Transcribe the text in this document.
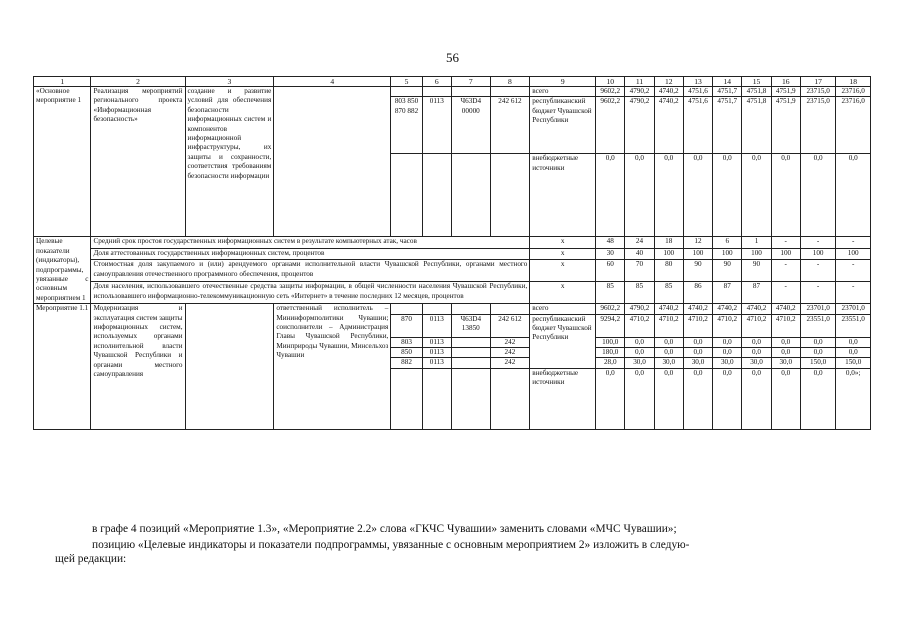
56
1	2	3	4	5	6	7	8	9	10	11	12	13	14	15	16	17	18
«Основное мероприятие 1	Реализация мероприятий регионального проекта «Информационная безопасность»	создание и развитие условий для обеспечения безопасности информационных систем и компонентов информационной инфраструктуры, их защиты и сохранности, соответствия требованиям безопасности информации						всего	9602,2	4790,2	4740,2	4751,6	4751,7	4751,8	4751,9	23715,0	23716,0
				803 850 870 882	0113	Ч63D4 00000	242 612	республиканский бюджет Чувашской Республики	9602,2	4790,2	4740,2	4751,6	4751,7	4751,8	4751,9	23715,0	23716,0
								внебюджетные источники	0,0	0,0	0,0	0,0	0,0	0,0	0,0	0,0	0,0
Целевые показатели (индикаторы), подпрограммы, увязанные с основным мероприятием 1	Средний срок простоя государственных информационных систем в результате компьютерных атак, часов							x	48	24	18	12	6	1	-	-	-
	Доля аттестованных государственных информационных систем, процентов							x	30	40	100	100	100	100	100	100	100
	Стоимостная доля закупаемого и (или) арендуемого органами исполнительной власти Чувашской Республики, органами местного самоуправления отечественного программного обеспечения, процентов							x	60	70	80	90	90	90	-	-	-
	Доля населения, использовавшего отечественные средства защиты информации, в общей численности населения Чувашской Республики, использовавшего информационно-телекоммуникационную сеть «Интернет» в течение последних 12 месяцев, процентов							x	85	85	85	86	87	87	-	-	-
Мероприятие 1.1	Модернизация и эксплуатация систем защиты информационных систем, используемых органами исполнительной власти Чувашской Республики и органами местного самоуправления		ответственный исполнитель – Мининформполитики Чувашии; соисполнители – Администрация Главы Чувашской Республики, Минприроды Чувашии, Минсельхоз Чувашии					всего	9602,2	4790,2	4740,2	4740,2	4740,2	4740,2	4740,2	23701,0	23701,0
				870	0113	Ч63D4 13850	242 612	республиканский бюджет Чувашской Республики	9294,2	4710,2	4710,2	4710,2	4710,2	4710,2	4710,2	23551,0	23551,0
				803	0113		242		100,0	0,0	0,0	0,0	0,0	0,0	0,0	0,0	0,0
				850	0113		242		180,0	0,0	0,0	0,0	0,0	0,0	0,0	0,0	0,0
				882	0113		242		28,0	30,0	30,0	30,0	30,0	30,0	30,0	150,0	150,0
								внебюджетные источники	0,0	0,0	0,0	0,0	0,0	0,0	0,0	0,0	0,0»;
в графе 4 позиций «Мероприятие 1.3», «Мероприятие 2.2» слова «ГКЧС Чувашии» заменить словами «МЧС Чувашии»;
позицию «Целевые индикаторы и показатели подпрограммы, увязанные с основным мероприятием 2» изложить в следую-
щей редакции:
